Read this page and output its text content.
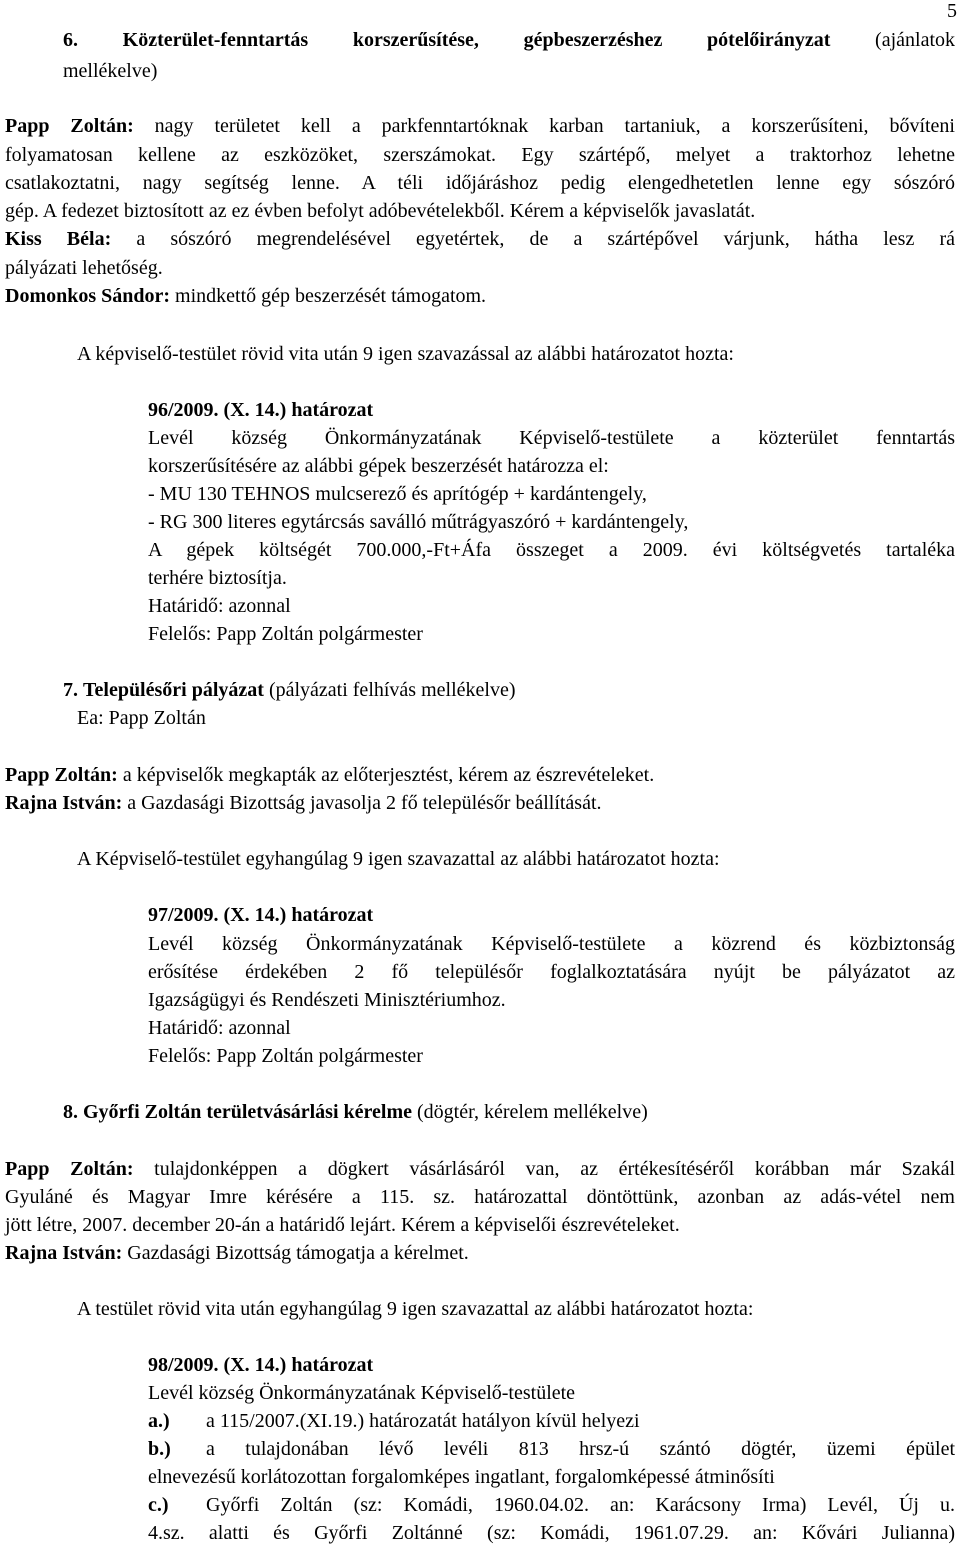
5
6. Közterület-fenntartás korszerűsítése, gépbeszerzéshez pótelőirányzat (ajánlatok
mellékelve)
Papp Zoltán: nagy területet kell a parkfenntartóknak karban tartaniuk, a korszerűsíteni, bővíteni
folyamatosan kellene az eszközöket, szerszámokat. Egy szártépő, melyet a traktorhoz lehetne
csatlakoztatni, nagy segítség lenne. A téli időjáráshoz pedig elengedhetetlen lenne egy sószóró
gép. A fedezet biztosított az ez évben befolyt adóbevételekből. Kérem a képviselők javaslatát.
Kiss Béla: a sószóró megrendelésével egyetértek, de a szártépővel várjunk, hátha lesz rá
pályázati lehetőség.
Domonkos Sándor: mindkettő gép beszerzését támogatom.
A képviselő-testület rövid vita után 9 igen szavazással az alábbi határozatot hozta:
96/2009. (X. 14.) határozat
Levél község Önkormányzatának Képviselő-testülete a közterület fenntartás
korszerűsítésére az alábbi gépek beszerzését határozza el:
- MU 130 TEHNOS mulcserező és aprítógép + kardántengely,
- RG 300 literes egytárcsás saválló műtrágyaszóró + kardántengely,
A gépek költségét 700.000,-Ft+Áfa összeget a 2009. évi költségvetés tartaléka
terhére biztosítja.
Határidő: azonnal
Felelős: Papp Zoltán polgármester
7. Településőri pályázat (pályázati felhívás mellékelve)
Ea: Papp Zoltán
Papp Zoltán: a képviselők megkapták az előterjesztést, kérem az észrevételeket.
Rajna István: a Gazdasági Bizottság javasolja 2 fő településőr beállítását.
A Képviselő-testület egyhangúlag 9 igen szavazattal az alábbi határozatot hozta:
97/2009. (X. 14.) határozat
Levél község Önkormányzatának Képviselő-testülete a közrend és közbiztonság
erősítése érdekében 2 fő településőr foglalkoztatására nyújt be pályázatot az
Igazságügyi és Rendészeti Minisztériumhoz.
Határidő: azonnal
Felelős: Papp Zoltán polgármester
8. Győrfi Zoltán területvásárlási kérelme (dögtér, kérelem mellékelve)
Papp Zoltán: tulajdonképpen a dögkert vásárlásáról van, az értékesítéséről korábban már Szakál
Gyuláné és Magyar Imre kérésére a 115. sz. határozattal döntöttünk, azonban az adás-vétel nem
jött létre, 2007. december 20-án a határidő lejárt. Kérem a képviselői észrevételeket.
Rajna István: Gazdasági Bizottság támogatja a kérelmet.
A testület rövid vita után egyhangúlag 9 igen szavazattal az alábbi határozatot hozta:
98/2009. (X. 14.) határozat
Levél község Önkormányzatának Képviselő-testülete
a.) a 115/2007.(XI.19.) határozatát hatályon kívül helyezi
b.) a tulajdonában lévő levéli 813 hrsz-ú szántó dögtér, üzemi épület
elnevezésű korlátozottan forgalomképes ingatlant, forgalomképessé átminősíti
c.) Győrfi Zoltán (sz: Komádi, 1960.04.02. an: Karácsony Irma) Levél, Új u.
4.sz. alatti és Győrfi Zoltánné (sz: Komádi, 1961.07.29. an: Kővári Julianna)
